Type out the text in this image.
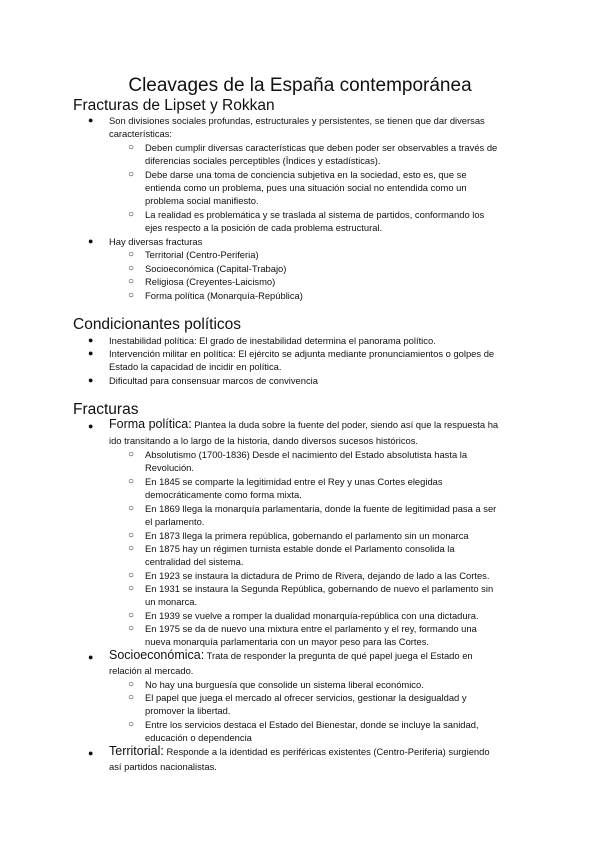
Cleavages de la España contemporánea
Fracturas de Lipset y Rokkan
● Son divisiones sociales profundas, estructurales y persistentes, se tienen que dar diversas
características:
○ Deben cumplir diversas características que deben poder ser observables a través de
diferencias sociales perceptibles (Índices y estadísticas).
○ Debe darse una toma de conciencia subjetiva en la sociedad, esto es, que se
entienda como un problema, pues una situación social no entendida como un
problema social manifiesto.
○ La realidad es problemática y se traslada al sistema de partidos, conformando los
ejes respecto a la posición de cada problema estructural.
● Hay diversas fracturas
○ Territorial (Centro-Periferia)
○ Socioeconómica (Capital-Trabajo)
○ Religiosa (Creyentes-Laicismo)
○ Forma política (Monarquía-República)
Condicionantes políticos
● Inestabilidad política: El grado de inestabilidad determina el panorama político.
● Intervención militar en política: El ejército se adjunta mediante pronunciamientos o golpes de
Estado la capacidad de incidir en política.
● Dificultad para consensuar marcos de convivencia
Fracturas
● Forma política: Plantea la duda sobre la fuente del poder, siendo así que la respuesta ha
ido transitando a lo largo de la historia, dando diversos sucesos históricos.
○ Absolutismo (1700-1836) Desde el nacimiento del Estado absolutista hasta la
Revolución.
○ En 1845 se comparte la legitimidad entre el Rey y unas Cortes elegidas
democráticamente como forma mixta.
○ En 1869 llega la monarquía parlamentaria, donde la fuente de legitimidad pasa a ser
el parlamento.
○ En 1873 llega la primera república, gobernando el parlamento sin un monarca
○ En 1875 hay un régimen turnista estable donde el Parlamento consolida la
centralidad del sistema.
○ En 1923 se instaura la dictadura de Primo de Rivera, dejando de lado a las Cortes.
○ En 1931 se instaura la Segunda República, gobernando de nuevo el parlamento sin
un monarca.
○ En 1939 se vuelve a romper la dualidad monarquía-república con una dictadura.
○ En 1975 se da de nuevo una mixtura entre el parlamento y el rey, formando una
nueva monarquía parlamentaria con un mayor peso para las Cortes.
● Socioeconómica: Trata de responder la pregunta de qué papel juega el Estado en
relación al mercado.
○ No hay una burguesía que consolide un sistema liberal económico.
○ El papel que juega el mercado al ofrecer servicios, gestionar la desigualdad y
promover la libertad.
○ Entre los servicios destaca el Estado del Bienestar, donde se incluye la sanidad,
educación o dependencia
● Territorial: Responde a la identidad es periféricas existentes (Centro-Periferia) surgiendo
así partidos nacionalistas.
